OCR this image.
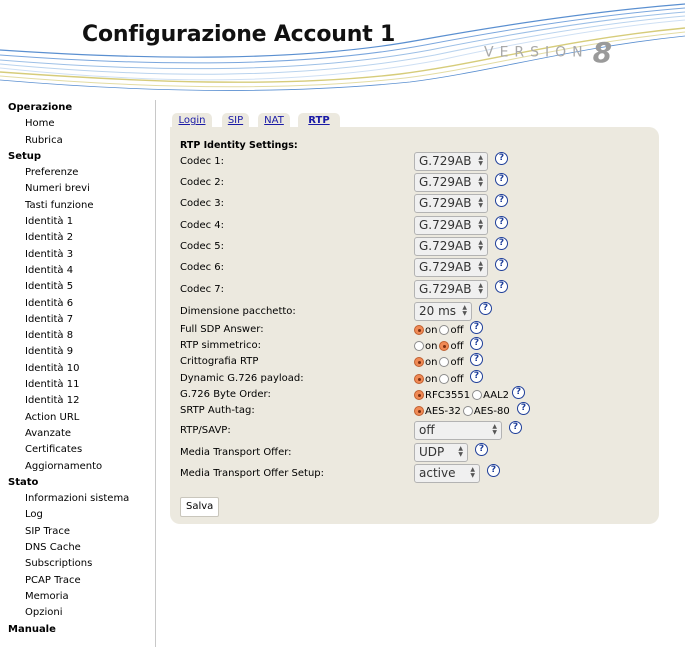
Configurazione Account 1
VERSION 8
Operazione
Home
Rubrica
Setup
Preferenze
Numeri brevi
Tasti funzione
Identità 1
Identità 2
Identità 3
Identità 4
Identità 5
Identità 6
Identità 7
Identità 8
Identità 9
Identità 10
Identità 11
Identità 12
Action URL
Avanzate
Certificates
Aggiornamento
Stato
Informazioni sistema
Log
SIP Trace
DNS Cache
Subscriptions
PCAP Trace
Memoria
Opzioni
Manuale
Login	SIP	NAT	RTP
RTP Identity Settings:
Codec 1:	G.729AB ▲
▼
?
Codec 2:	G.729AB ▲
▼
?
Codec 3:	G.729AB ▲
▼
?
Codec 4:	G.729AB ▲
▼
?
Codec 5:	G.729AB ▲
▼
?
Codec 6:	G.729AB ▲
▼
?
Codec 7:	G.729AB ▲
▼
?
Dimensione pacchetto:	20 ms ▲
▼
?
Full SDP Answer:	on off	?
RTP simmetrico:	on off	?
Crittografia RTP	on off	?
Dynamic G.726 payload:	on off	?
G.726 Byte Order:	RFC3551 AAL2 ?
SRTP Auth-tag:	AES-32 AES-80	?
RTP/SAVP:	off	▲
▼
?
Media Transport Offer:	UDP ▲
▼
?
Media Transport Offer Setup:	active ▲
▼
?
Salva
